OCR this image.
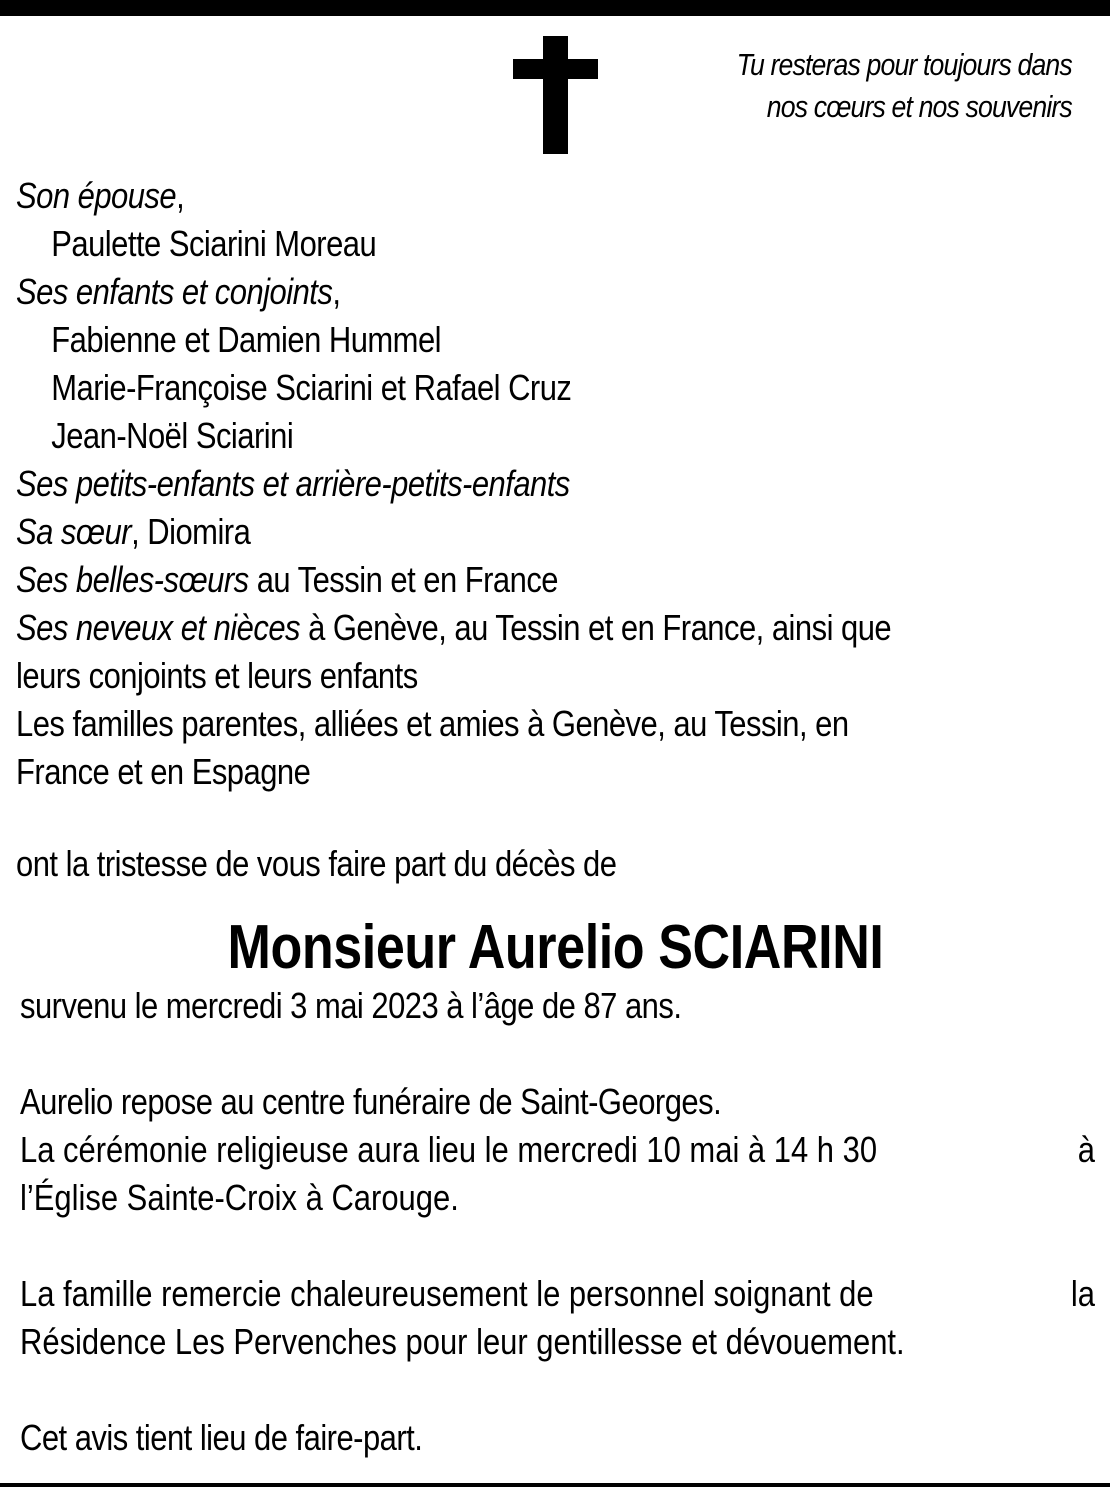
Tu resteras pour toujours dans
nos cœurs et nos souvenirs
Son épouse,
Paulette Sciarini Moreau
Ses enfants et conjoints,
Fabienne et Damien Hummel
Marie-Françoise Sciarini et Rafael Cruz
Jean-Noël Sciarini
Ses petits-enfants et arrière-petits-enfants
Sa sœur, Diomira
Ses belles-sœurs au Tessin et en France
Ses neveux et nièces à Genève, au Tessin et en France, ainsi que
leurs conjoints et leurs enfants
Les familles parentes, alliées et amies à Genève, au Tessin, en
France et en Espagne
ont la tristesse de vous faire part du décès de
Monsieur Aurelio SCIARINI
survenu le mercredi 3 mai 2023 à l’âge de 87 ans.
Aurelio repose au centre funéraire de Saint-Georges.
La cérémonie religieuse aura lieu le mercredi 10 mai à 14 h 30	à
l’Église Sainte-Croix à Carouge.
La famille remercie chaleureusement le personnel soignant de	la
Résidence Les Pervenches pour leur gentillesse et dévouement.
Cet avis tient lieu de faire-part.
